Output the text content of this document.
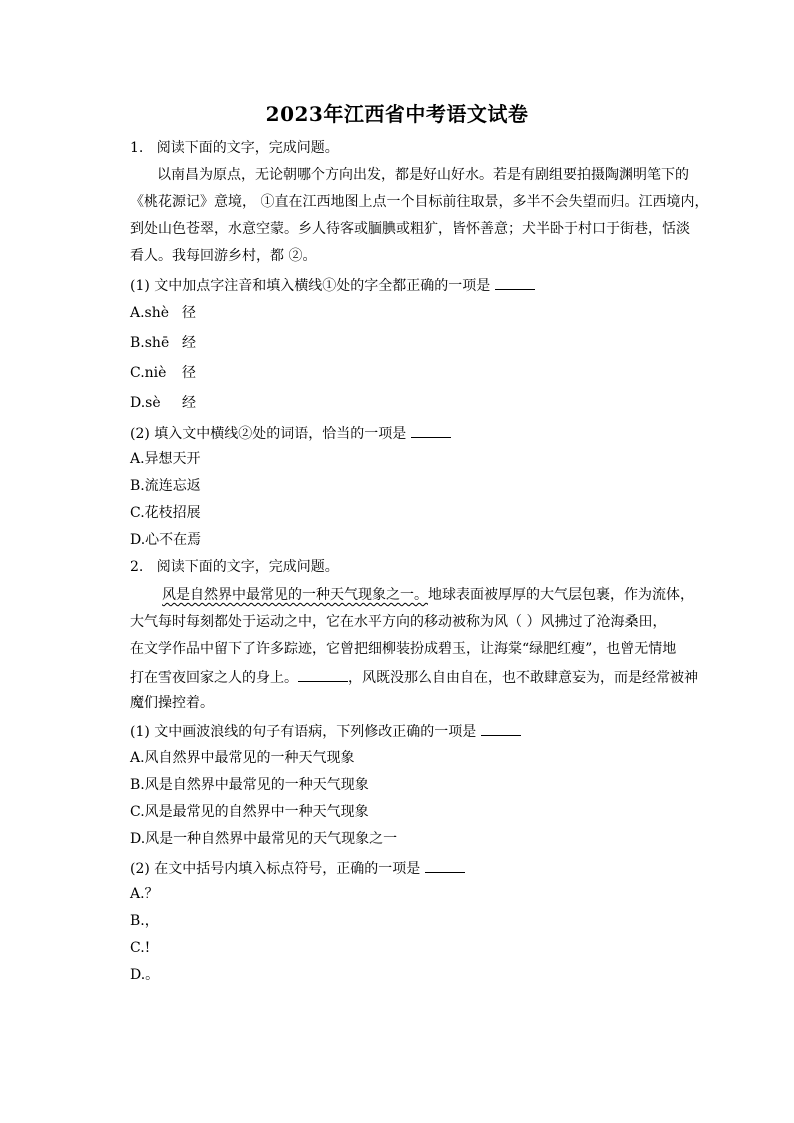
2023年江西省中考语文试卷
1. 阅读下面的文字，完成问题。
以南昌为原点，无论朝哪个方向出发，都是好山好水。若是有剧组要拍摄陶渊明笔下的
《桃花源记》意境， ①直在江西地图上点一个目标前往取景，多半不会失望而归。江西境内，
到处山色苍翠，水意空蒙。乡人待客或腼腆或粗犷，皆怀善意；犬半卧于村口于街巷，恬淡
看人。我每回游乡村，都 ②。
(1) 文中加点字注音和填入横线①处的字全都正确的一项是
A.shè 径
B.shē 经
C.niè 径
D.sè 经
(2) 填入文中横线②处的词语，恰当的一项是
A.异想天开
B.流连忘返
C.花枝招展
D.心不在焉
2. 阅读下面的文字，完成问题。
风是自然界中最常见的一种天气现象之一。地球表面被厚厚的大气层包裹，作为流体，
大气每时每刻都处于运动之中，它在水平方向的移动被称为风（ ）风拂过了沧海桑田，
在文学作品中留下了许多踪迹，它曾把细柳装扮成碧玉，让海棠“绿肥红瘦”，也曾无情地
打在雪夜回家之人的身上。	，风既没那么自由自在，也不敢肆意妄为，而是经常被神
魔们操控着。
(1) 文中画波浪线的句子有语病，下列修改正确的一项是
A.风自然界中最常见的一种天气现象
B.风是自然界中最常见的一种天气现象
C.风是最常见的自然界中一种天气现象
D.风是一种自然界中最常见的天气现象之一
(2) 在文中括号内填入标点符号，正确的一项是
A.？
B.，
C.!
D.。
